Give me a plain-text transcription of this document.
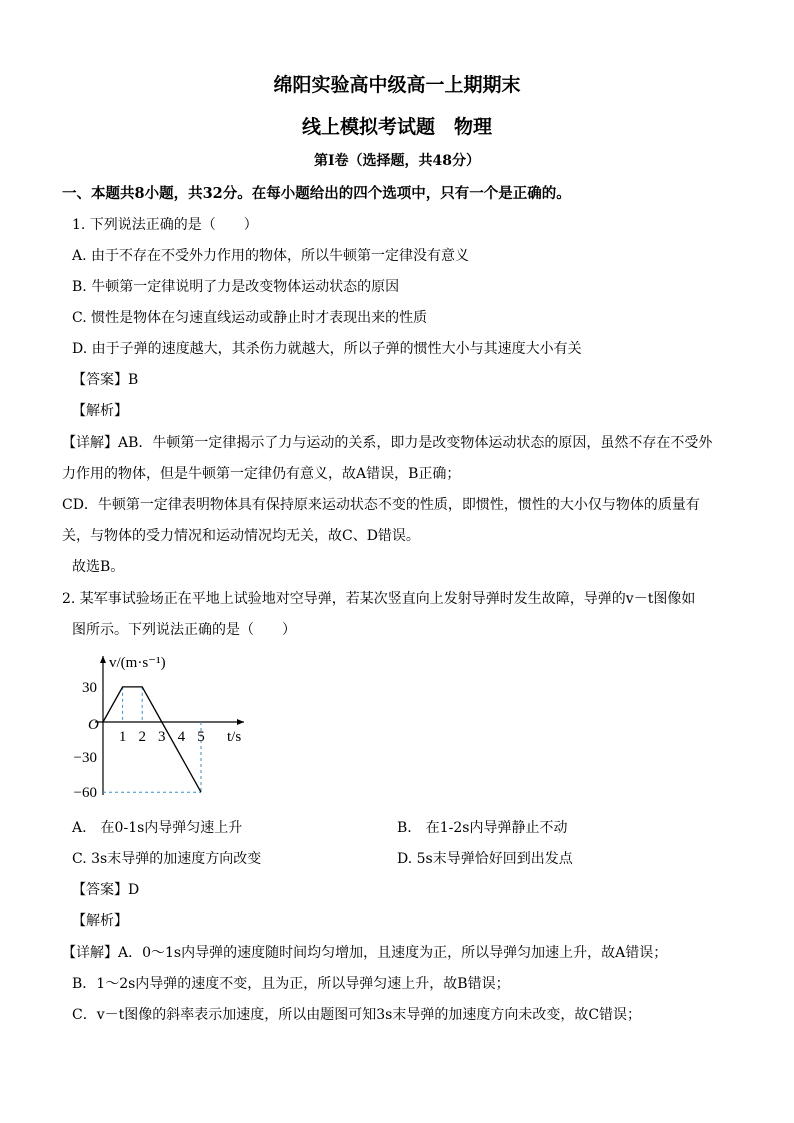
绵阳实验高中级高一上期期末
线上模拟考试题　物理
第Ⅰ卷（选择题，共48分）
一、本题共8小题，共32分。在每小题给出的四个选项中，只有一个是正确的。
1. 下列说法正确的是（　　）
A. 由于不存在不受外力作用的物体，所以牛顿第一定律没有意义
B. 牛顿第一定律说明了力是改变物体运动状态的原因
C. 惯性是物体在匀速直线运动或静止时才表现出来的性质
D. 由于子弹的速度越大，其杀伤力就越大，所以子弹的惯性大小与其速度大小有关
【答案】B
【解析】
【详解】AB．牛顿第一定律揭示了力与运动的关系，即力是改变物体运动状态的原因，虽然不存在不受外
力作用的物体，但是牛顿第一定律仍有意义，故A错误，B正确；
CD．牛顿第一定律表明物体具有保持原来运动状态不变的性质，即惯性，惯性的大小仅与物体的质量有
关，与物体的受力情况和运动情况均无关，故C、D错误。
故选B。
2. 某军事试验场正在平地上试验地对空导弹，若某次竖直向上发射导弹时发生故障，导弹的v－t图像如
图所示。下列说法正确的是（　　）
1 2 3 4 5
30
−30
−60
O
v/(m·s⁻¹)
t/s
A.　在0-1s内导弹匀速上升	B.　在1-2s内导弹静止不动
C. 3s末导弹的加速度方向改变	D. 5s末导弹恰好回到出发点
【答案】D
【解析】
【详解】A．0～1s内导弹的速度随时间均匀增加，且速度为正，所以导弹匀加速上升，故A错误；
B．1～2s内导弹的速度不变，且为正，所以导弹匀速上升，故B错误；
C．v－t图像的斜率表示加速度，所以由题图可知3s末导弹的加速度方向未改变，故C错误；
